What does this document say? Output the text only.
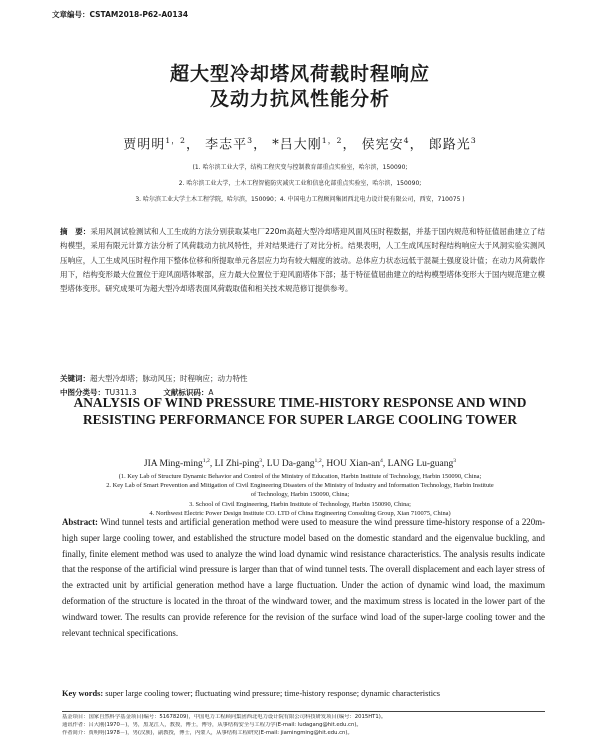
文章编号：CSTAM2018-P62-A0134
超大型冷却塔风荷载时程响应
及动力抗风性能分析
贾明明$^{1,2}$， 李志平$^3$， *吕大刚$^{1,2}$， 侯宪安$^4$， 郎路光$^3$
(1. 哈尔滨工业大学，结构工程灾变与控制教育部重点实验室，哈尔滨，150090;
2. 哈尔滨工业大学，土木工程智能防灾减灾工业和信息化部重点实验室，哈尔滨，150090;
3. 哈尔滨工业大学土木工程学院，哈尔滨，150090；4. 中国电力工程顾问集团西北电力设计院有限公司，西安，710075 )
摘　要：采用风洞试验测试和人工生成的方法分别获取某电厂220m高超大型冷却塔迎风面风压时程数据，并基于国内规范和特征值屈曲建立了结构模型，采用有限元计算方法分析了风荷载动力抗风特性，并对结果进行了对比分析。结果表明，人工生成风压时程结构响应大于风洞实验实测风压响应，人工生成风压时程作用下整体位移和所提取单元各层应力均有较大幅度的波动。总体应力状态远低于混凝土强度设计值；在动力风荷载作用下，结构变形最大位置位于迎风面塔体喉部，应力最大位置位于迎风面塔体下部；基于特征值屈曲建立的结构模型塔体变形大于国内规范建立模型塔体变形。研究成果可为超大型冷却塔表面风荷载取值和相关技术规范修订提供参考。
关键词：超大型冷却塔；脉动风压；时程响应；动力特性
中图分类号：TU311.3	文献标识码：A
ANALYSIS OF WIND PRESSURE TIME-HISTORY RESPONSE AND WIND
RESISTING PERFORMANCE FOR SUPER LARGE COOLING TOWER
JIA Ming-ming$^{1,2}$, LI Zhi-ping$^3$, LU Da-gang$^{1,2}$, HOU Xian-$an^4$, LANG Lu-guang$^3$
(1. Key Lab of Structure Dynamic Behavior and Control of the Ministry of Education, Harbin Institute of Technology, Harbin 150090, China;
2. Key Lab of Smart Prevention and Mitigation of Civil Engineering Disasters of the Ministry of Industry and Information Technology, Harbin Institute
of Technology, Harbin 150090, China;
3. School of Civil Engineering, Harbin Institute of Technology, Harbin 150090, China;
4. Northwest Electric Power Design Institute CO. LTD of China Engineering Consulting Group, Xian 710075, China)
Abstract: Wind tunnel tests and artificial generation method were used to measure the wind pressure time-history response of a 220m-high super large cooling tower, and established the structure model based on the domestic standard and the eigenvalue buckling, and finally, finite element method was used to analyze the wind load dynamic wind resistance characteristics. The analysis results indicate that the response of the artificial wind pressure is larger than that of wind tunnel tests. The overall displacement and each layer stress of the extracted unit by artificial generation method have a large fluctuation. Under the action of dynamic wind load, the maximum deformation of the structure is located in the throat of the windward tower, and the maximum stress is located in the lower part of the windward tower. The results can provide reference for the revision of the surface wind load of the super-large cooling tower and the relevant technical specifications.
Key words: super large cooling tower; fluctuating wind pressure; time-history response; dynamic characteristics
基金项目：国家自然科学基金项目(编号：51678209)，中国电力工程顾问集团西北电力设计院有限公司科技研发项目(编号：2015HT1)。
通讯作者：吕大刚(1970－)，男，黑龙江人，教授，博士，博导，从事结构安全与工程力学(E-mail: ludagang@hit.edu.cn)。
作者简介：贾明明(1978－)，男(汉族)，副教授，博士，内蒙人，从事结构工程研究(E-mail: jiamingming@hit.edu.cn)。
